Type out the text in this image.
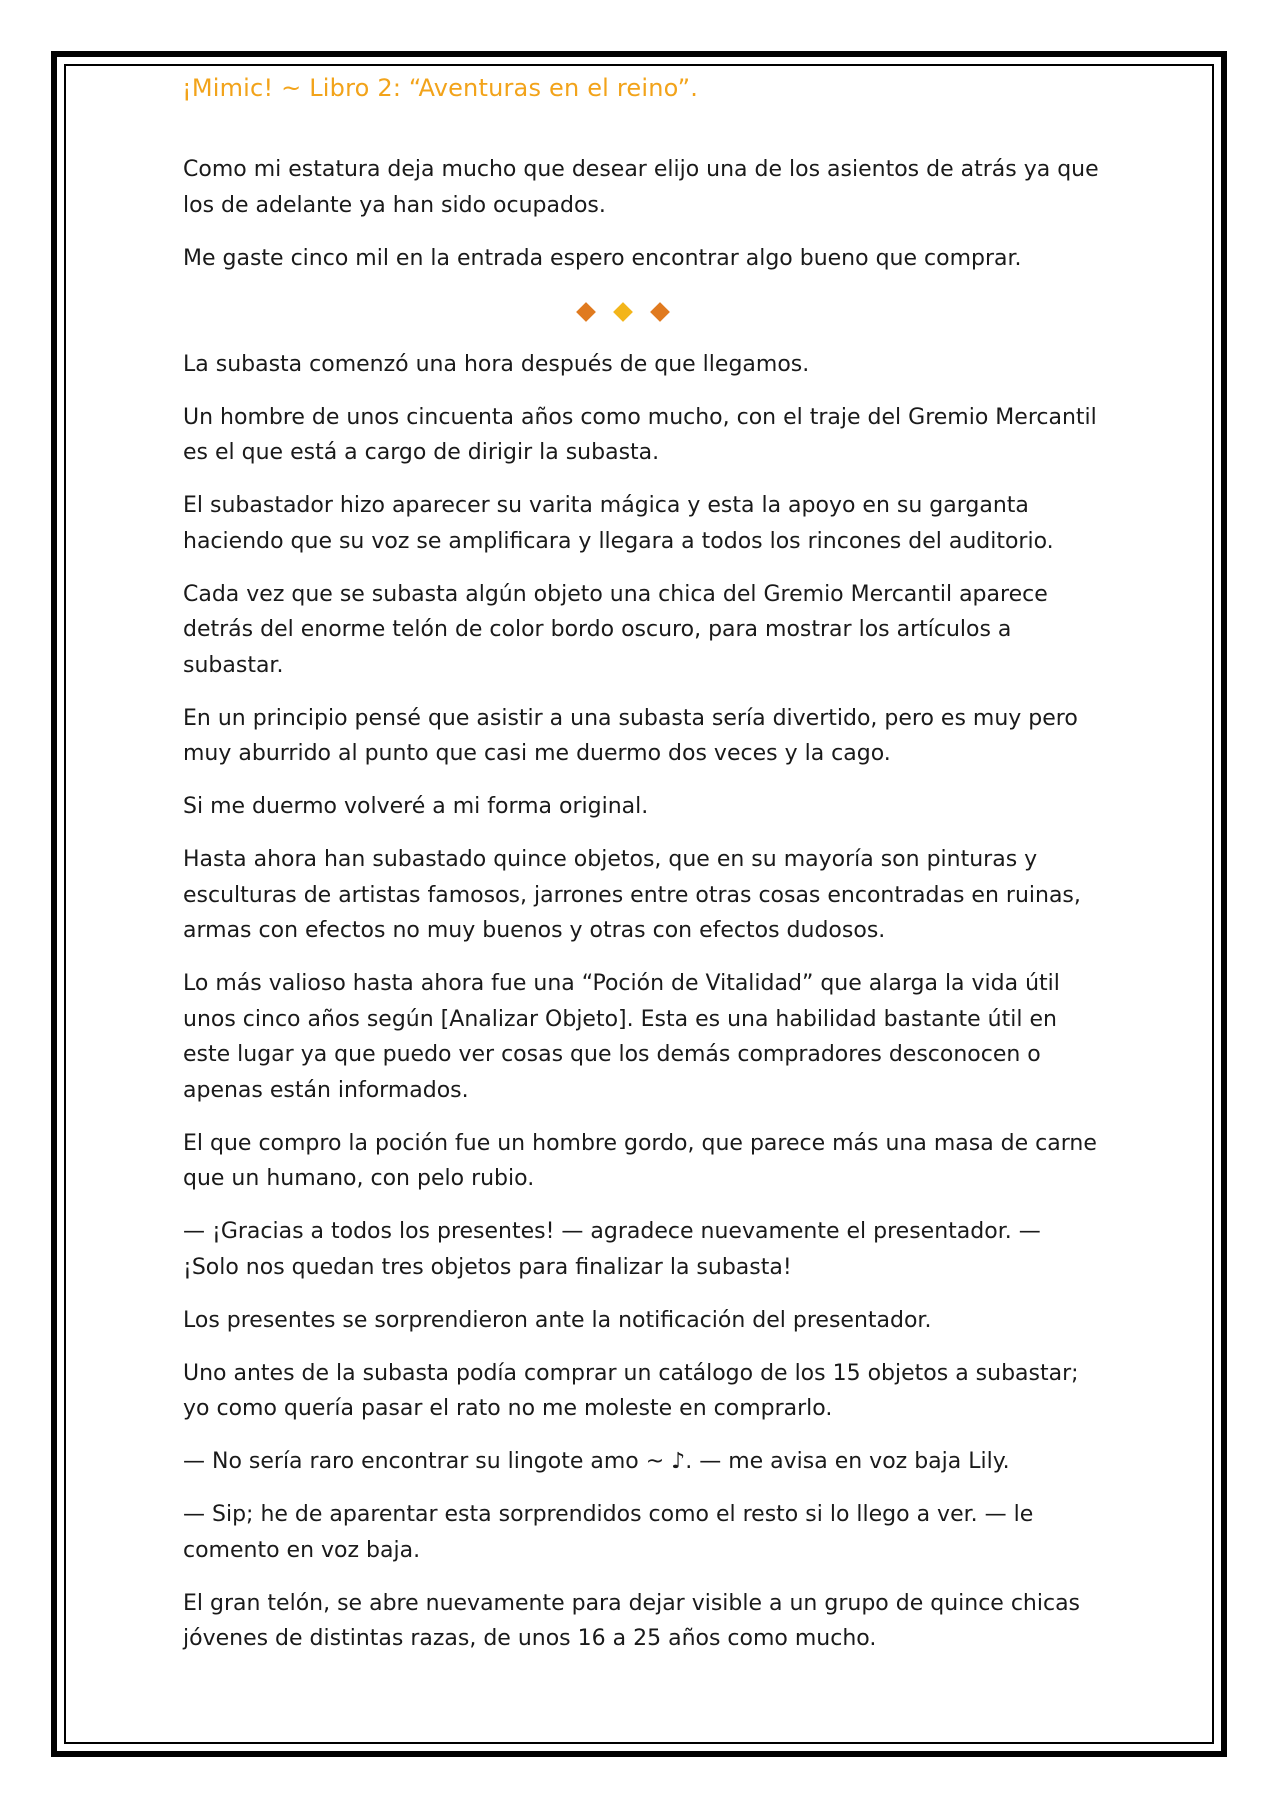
¡Mimic! ~ Libro 2: “Aventuras en el reino”.

Como mi estatura deja mucho que desear elijo una de los asientos de atrás ya que los de adelante ya han sido ocupados.

Me gaste cinco mil en la entrada espero encontrar algo bueno que comprar.

La subasta comenzó una hora después de que llegamos.

Un hombre de unos cincuenta años como mucho, con el traje del Gremio Mercantil es el que está a cargo de dirigir la subasta.

El subastador hizo aparecer su varita mágica y esta la apoyo en su garganta haciendo que su voz se amplificara y llegara a todos los rincones del auditorio.

Cada vez que se subasta algún objeto una chica del Gremio Mercantil aparece detrás del enorme telón de color bordo oscuro, para mostrar los artículos a subastar.

En un principio pensé que asistir a una subasta sería divertido, pero es muy pero muy aburrido al punto que casi me duermo dos veces y la cago.

Si me duermo volveré a mi forma original.

Hasta ahora han subastado quince objetos, que en su mayoría son pinturas y esculturas de artistas famosos, jarrones entre otras cosas encontradas en ruinas, armas con efectos no muy buenos y otras con efectos dudosos.

Lo más valioso hasta ahora fue una “Poción de Vitalidad” que alarga la vida útil unos cinco años según [Analizar Objeto]. Esta es una habilidad bastante útil en este lugar ya que puedo ver cosas que los demás compradores desconocen o apenas están informados.

El que compro la poción fue un hombre gordo, que parece más una masa de carne que un humano, con pelo rubio.

— ¡Gracias a todos los presentes! — agradece nuevamente el presentador. — ¡Solo nos quedan tres objetos para finalizar la subasta!

Los presentes se sorprendieron ante la notificación del presentador.

Uno antes de la subasta podía comprar un catálogo de los 15 objetos a subastar; yo como quería pasar el rato no me moleste en comprarlo.

— No sería raro encontrar su lingote amo ~ ♪. — me avisa en voz baja Lily.

— Sip; he de aparentar esta sorprendidos como el resto si lo llego a ver. — le comento en voz baja.

El gran telón, se abre nuevamente para dejar visible a un grupo de quince chicas jóvenes de distintas razas, de unos 16 a 25 años como mucho.
